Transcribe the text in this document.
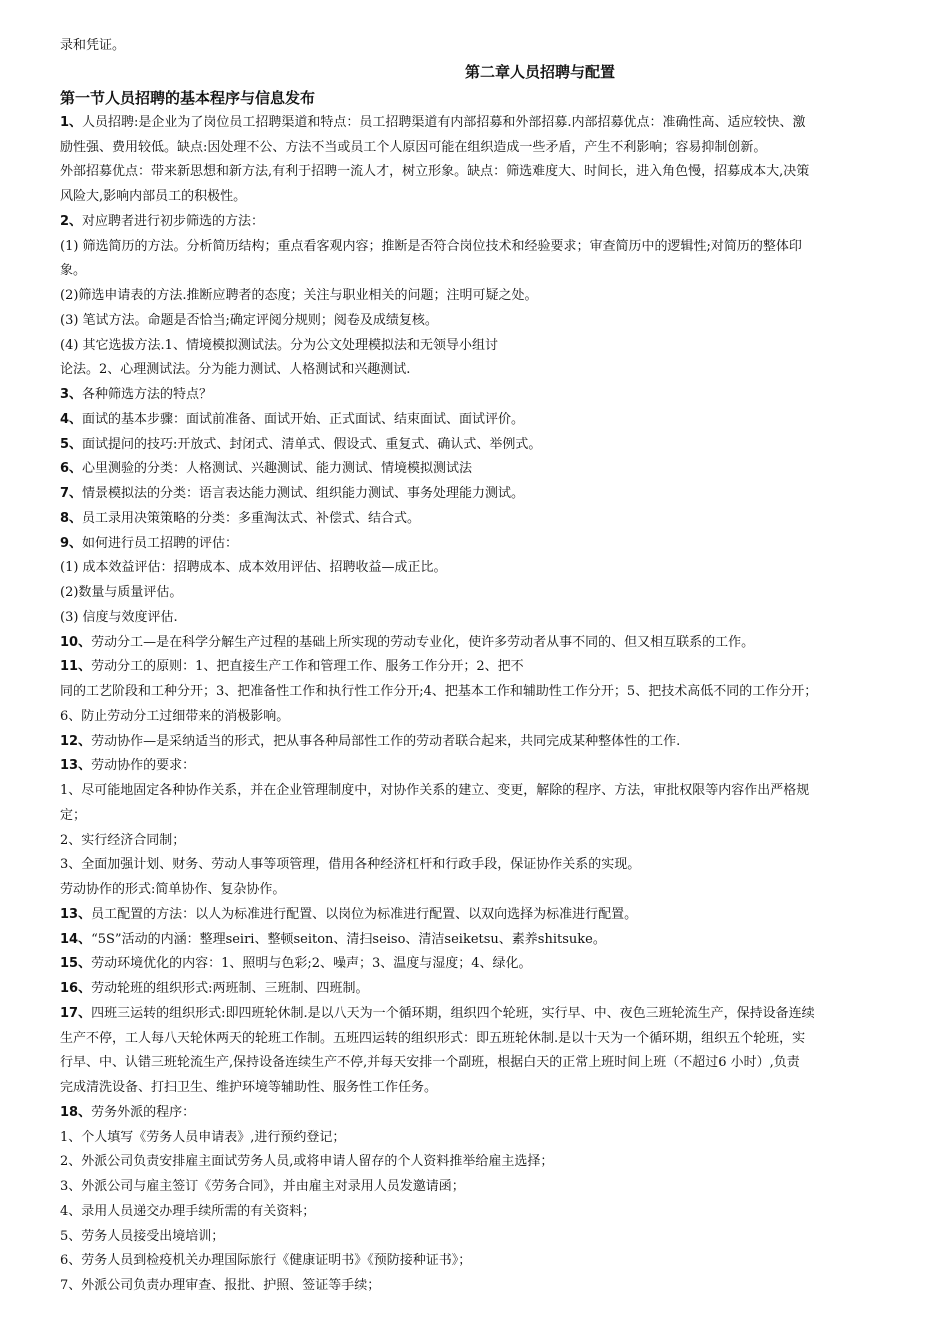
录和凭证。

第二章人员招聘与配置
第一节人员招聘的基本程序与信息发布

1、人员招聘:是企业为了岗位员工招聘渠道和特点：员工招聘渠道有内部招募和外部招募.内部招募优点：准确性高、适应较快、激

励性强、费用较低。缺点:因处理不公、方法不当或员工个人原因可能在组织造成一些矛盾，产生不利影响；容易抑制创新。

外部招募优点：带来新思想和新方法,有利于招聘一流人才，树立形象。缺点：筛选难度大、时间长，进入角色慢，招募成本大,决策

风险大,影响内部员工的积极性。

2、对应聘者进行初步筛选的方法：

(1) 筛选简历的方法。分析简历结构；重点看客观内容；推断是否符合岗位技术和经验要求；审查简历中的逻辑性;对简历的整体印

象。

(2)筛选申请表的方法.推断应聘者的态度；关注与职业相关的问题；注明可疑之处。

(3) 笔试方法。命题是否恰当;确定评阅分规则；阅卷及成绩复核。

(4) 其它选拔方法.1、情境模拟测试法。分为公文处理模拟法和无领导小组讨

论法。2、心理测试法。分为能力测试、人格测试和兴趣测试.

3、各种筛选方法的特点？

4、面试的基本步骤：面试前准备、面试开始、正式面试、结束面试、面试评价。

5、面试提问的技巧:开放式、封闭式、清单式、假设式、重复式、确认式、举例式。

6、心里测验的分类：人格测试、兴趣测试、能力测试、情境模拟测试法

7、情景模拟法的分类：语言表达能力测试、组织能力测试、事务处理能力测试。

8、员工录用决策策略的分类：多重淘汰式、补偿式、结合式。

9、如何进行员工招聘的评估：

(1) 成本效益评估：招聘成本、成本效用评估、招聘收益—成正比。

(2)数量与质量评估。

(3) 信度与效度评估.

10、劳动分工—是在科学分解生产过程的基础上所实现的劳动专业化，使许多劳动者从事不同的、但又相互联系的工作。

11、劳动分工的原则：1、把直接生产工作和管理工作、服务工作分开；2、把不

同的工艺阶段和工种分开；3、把准备性工作和执行性工作分开;4、把基本工作和辅助性工作分开；5、把技术高低不同的工作分开；

6、防止劳动分工过细带来的消极影响。

12、劳动协作—是采纳适当的形式，把从事各种局部性工作的劳动者联合起来，共同完成某种整体性的工作.

13、劳动协作的要求：

1、尽可能地固定各种协作关系，并在企业管理制度中，对协作关系的建立、变更，解除的程序、方法，审批权限等内容作出严格规

定；

2、实行经济合同制；

3、全面加强计划、财务、劳动人事等项管理，借用各种经济杠杆和行政手段，保证协作关系的实现。

劳动协作的形式:简单协作、复杂协作。

13、员工配置的方法：以人为标准进行配置、以岗位为标准进行配置、以双向选择为标准进行配置。

14、“5S”活动的内涵：整理seiri、整顿seiton、清扫seiso、清洁seiketsu、素养shitsuke。

15、劳动环境优化的内容：1、照明与色彩;2、噪声；3、温度与湿度；4、绿化。

16、劳动轮班的组织形式:两班制、三班制、四班制。

17、四班三运转的组织形式:即四班轮休制.是以八天为一个循环期，组织四个轮班，实行早、中、夜色三班轮流生产，保持设备连续

生产不停，工人每八天轮休两天的轮班工作制。五班四运转的组织形式：即五班轮休制.是以十天为一个循环期，组织五个轮班，实

行早、中、认错三班轮流生产,保持设备连续生产不停,并每天安排一个副班，根据白天的正常上班时间上班（不超过6 小时）,负责

完成清洗设备、打扫卫生、维护环境等辅助性、服务性工作任务。

18、劳务外派的程序：

1、个人填写《劳务人员申请表》,进行预约登记；

2、外派公司负责安排雇主面试劳务人员,或将申请人留存的个人资料推举给雇主选择；

3、外派公司与雇主签订《劳务合同》，并由雇主对录用人员发邀请函；

4、录用人员递交办理手续所需的有关资料；

5、劳务人员接受出境培训；

6、劳务人员到检疫机关办理国际旅行《健康证明书》《预防接种证书》；

7、外派公司负责办理审查、报批、护照、签证等手续；
